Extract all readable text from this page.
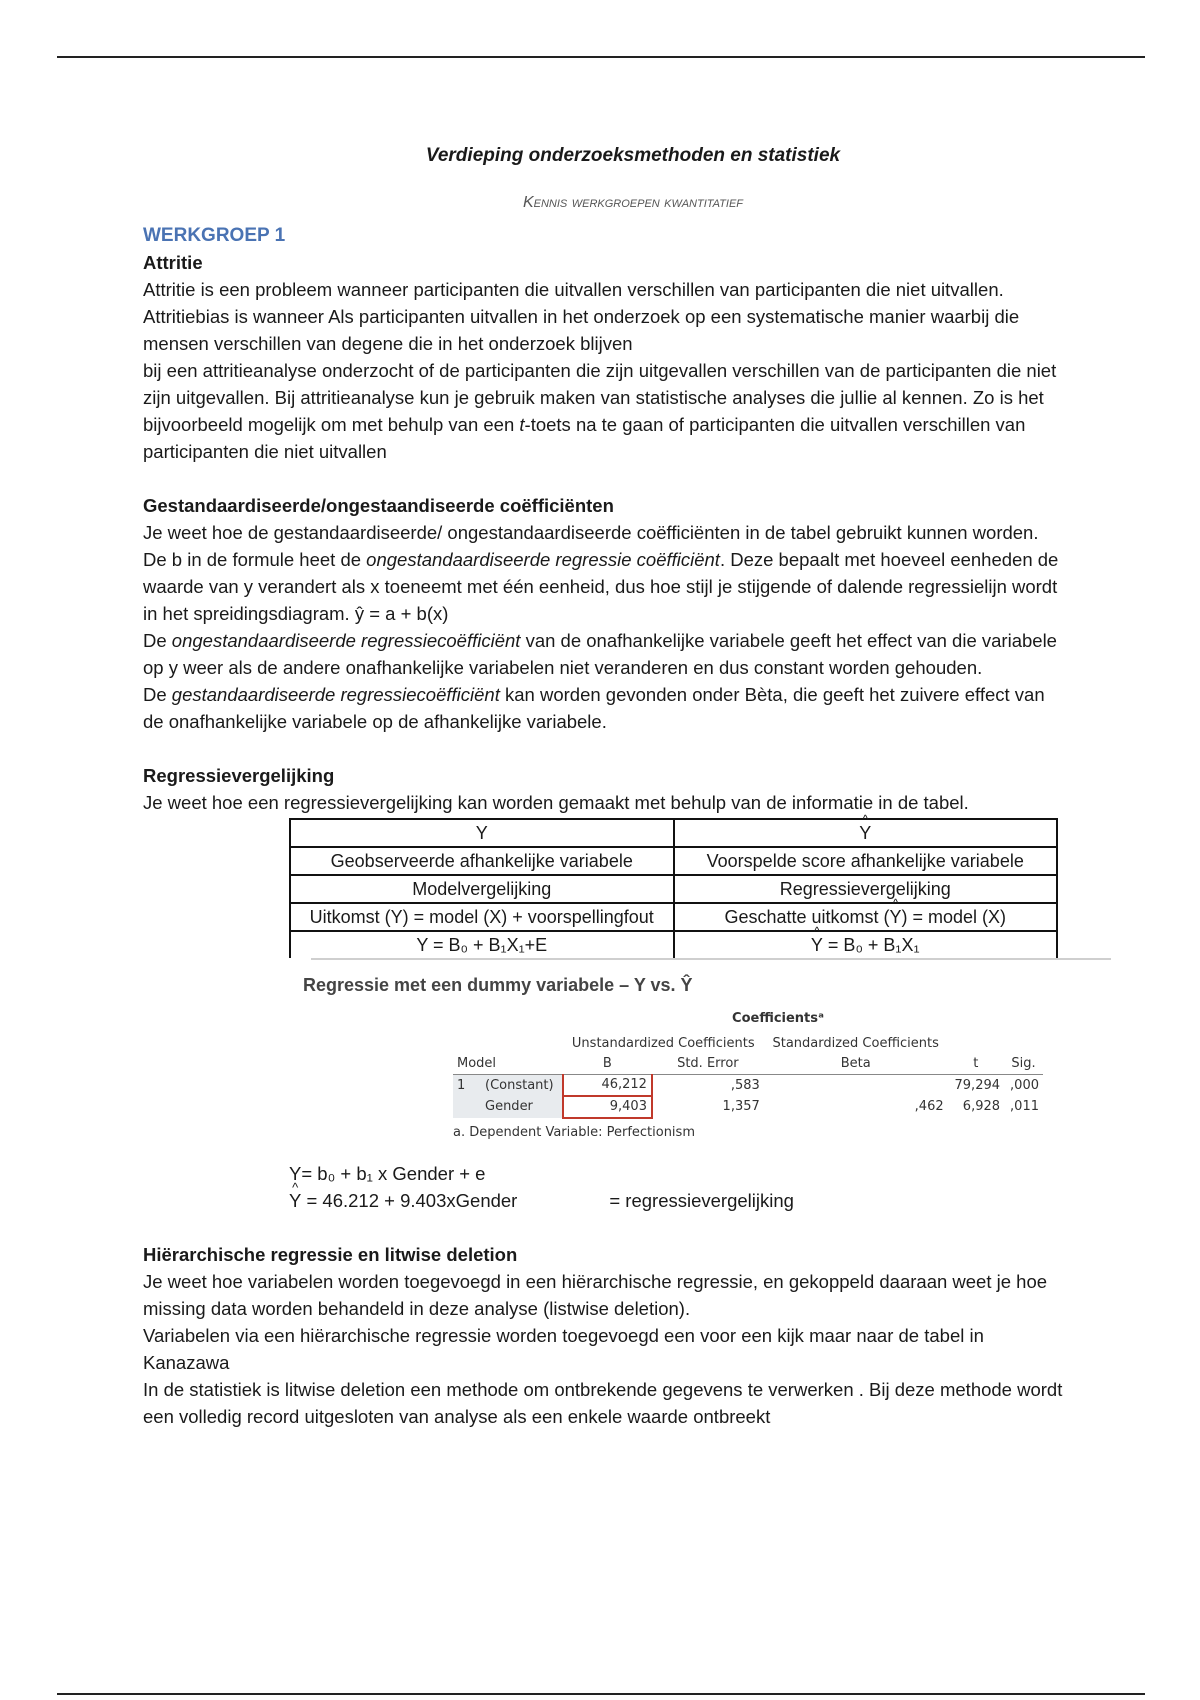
Verdieping onderzoeksmethoden en statistiek

Kennis werkgroepen kwantitatief

WERKGROEP 1

Attritie

Attritie is een probleem wanneer participanten die uitvallen verschillen van participanten die niet uitvallen.

Attritiebias is wanneer Als participanten uitvallen in het onderzoek op een systematische manier waarbij die mensen verschillen van degene die in het onderzoek blijven

bij een attritieanalyse onderzocht of de participanten die zijn uitgevallen verschillen van de participanten die niet zijn uitgevallen. Bij attritieanalyse kun je gebruik maken van statistische analyses die jullie al kennen. Zo is het bijvoorbeeld mogelijk om met behulp van een t-toets na te gaan of participanten die uitvallen verschillen van participanten die niet uitvallen

Gestandaardiseerde/ongestaandiseerde coëfficiënten

Je weet hoe de gestandaardiseerde/ ongestandaardiseerde coëfficiënten in de tabel gebruikt kunnen worden.

De b in de formule heet de ongestandaardiseerde regressie coëfficiënt. Deze bepaalt met hoeveel eenheden de waarde van y verandert als x toeneemt met één eenheid, dus hoe stijl je stijgende of dalende regressielijn wordt in het spreidingsdiagram. ŷ = a + b(x)

De ongestandaardiseerde regressiecoëfficiënt van de onafhankelijke variabele geeft het effect van die variabele op y weer als de andere onafhankelijke variabelen niet veranderen en dus constant worden gehouden.

De gestandaardiseerde regressiecoëfficiënt kan worden gevonden onder Bèta, die geeft het zuivere effect van de onafhankelijke variabele op de afhankelijke variabele.

Regressievergelijking

Je weet hoe een regressievergelijking kan worden gemaakt met behulp van de informatie in de tabel.

Y	^ Y
Geobserveerde afhankelijke variabele	Voorspelde score afhankelijke variabele
Modelvergelijking	Regressievergelijking
Uitkomst (Y) = model (X) + voorspellingfout	Geschatte uitkomst (^ Y) = model (X)
Y = B₀ + B₁X₁+E	^ Y = B₀ + B₁X₁

Regressie met een dummy variabele – Y vs. Ŷ

Coefficientsᵃ
		Unstandardized Coefficients		Standardized Coefficients		
Model		B	Std. Error	Beta	t	Sig.
1	(Constant)	46,212	,583		79,294	,000
	Gender	9,403	1,357	,462	6,928	,011

a. Dependent Variable: Perfectionism

Y= b₀ + b₁ x Gender + e

^ Y = 46.212 + 9.403xGender	= regressievergelijking

Hiërarchische regressie en litwise deletion

Je weet hoe variabelen worden toegevoegd in een hiërarchische regressie, en gekoppeld daaraan weet je hoe missing data worden behandeld in deze analyse (listwise deletion).

Variabelen via een hiërarchische regressie worden toegevoegd een voor een kijk maar naar de tabel in Kanazawa

In de statistiek is litwise deletion een methode om ontbrekende gegevens te verwerken . Bij deze methode wordt een volledig record uitgesloten van analyse als een enkele waarde ontbreekt
